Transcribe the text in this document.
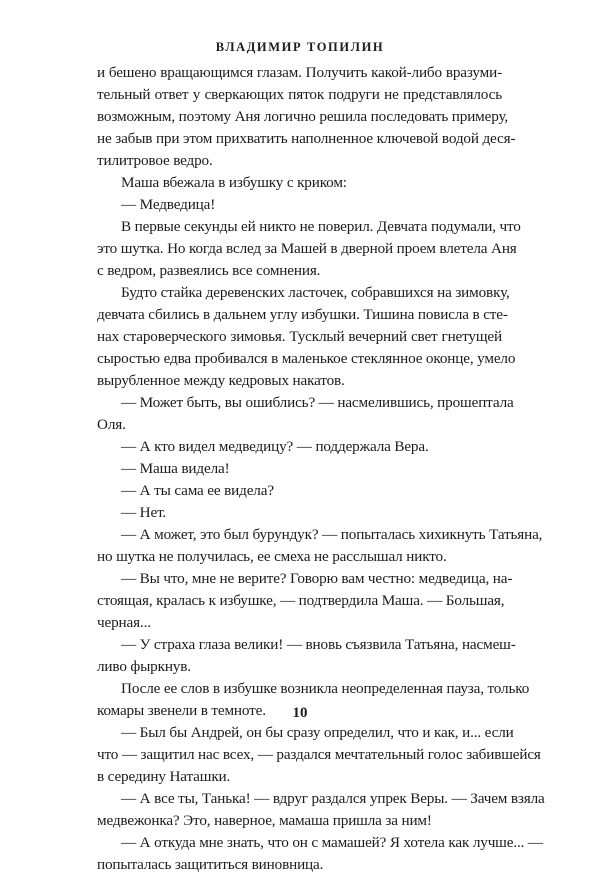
ВЛАДИМИР ТОПИЛИН
и бешено вращающимся глазам. Получить какой-либо вразуми-
тельный ответ у сверкающих пяток подруги не представлялось
возможным, поэтому Аня логично решила последовать примеру,
не забыв при этом прихватить наполненное ключевой водой деся-
тилитровое ведро.
Маша вбежала в избушку с криком:
— Медведица!
В первые секунды ей никто не поверил. Девчата подумали, что
это шутка. Но когда вслед за Машей в дверной проем влетела Аня
с ведром, развеялись все сомнения.
Будто стайка деревенских ласточек, собравшихся на зимовку,
девчата сбились в дальнем углу избушки. Тишина повисла в сте-
нах староверческого зимовья. Тусклый вечерний свет гнетущей
сыростью едва пробивался в маленькое стеклянное оконце, умело
вырубленное между кедровых накатов.
— Может быть, вы ошиблись? — насмелившись, прошептала
Оля.
— А кто видел медведицу? — поддержала Вера.
— Маша видела!
— А ты сама ее видела?
— Нет.
— А может, это был бурундук? — попыталась хихикнуть Татьяна,
но шутка не получилась, ее смеха не расслышал никто.
— Вы что, мне не верите? Говорю вам честно: медведица, на-
стоящая, кралась к избушке, — подтвердила Маша. — Большая,
черная...
— У страха глаза велики! — вновь съязвила Татьяна, насмеш-
ливо фыркнув.
После ее слов в избушке возникла неопределенная пауза, только
комары звенели в темноте.
— Был бы Андрей, он бы сразу определил, что и как, и... если
что — защитил нас всех, — раздался мечтательный голос забившейся
в середину Наташки.
— А все ты, Танька! — вдруг раздался упрек Веры. — Зачем взяла
медвежонка? Это, наверное, мамаша пришла за ним!
— А откуда мне знать, что он с мамашей? Я хотела как лучше... —
попыталась защититься виновница.
10
